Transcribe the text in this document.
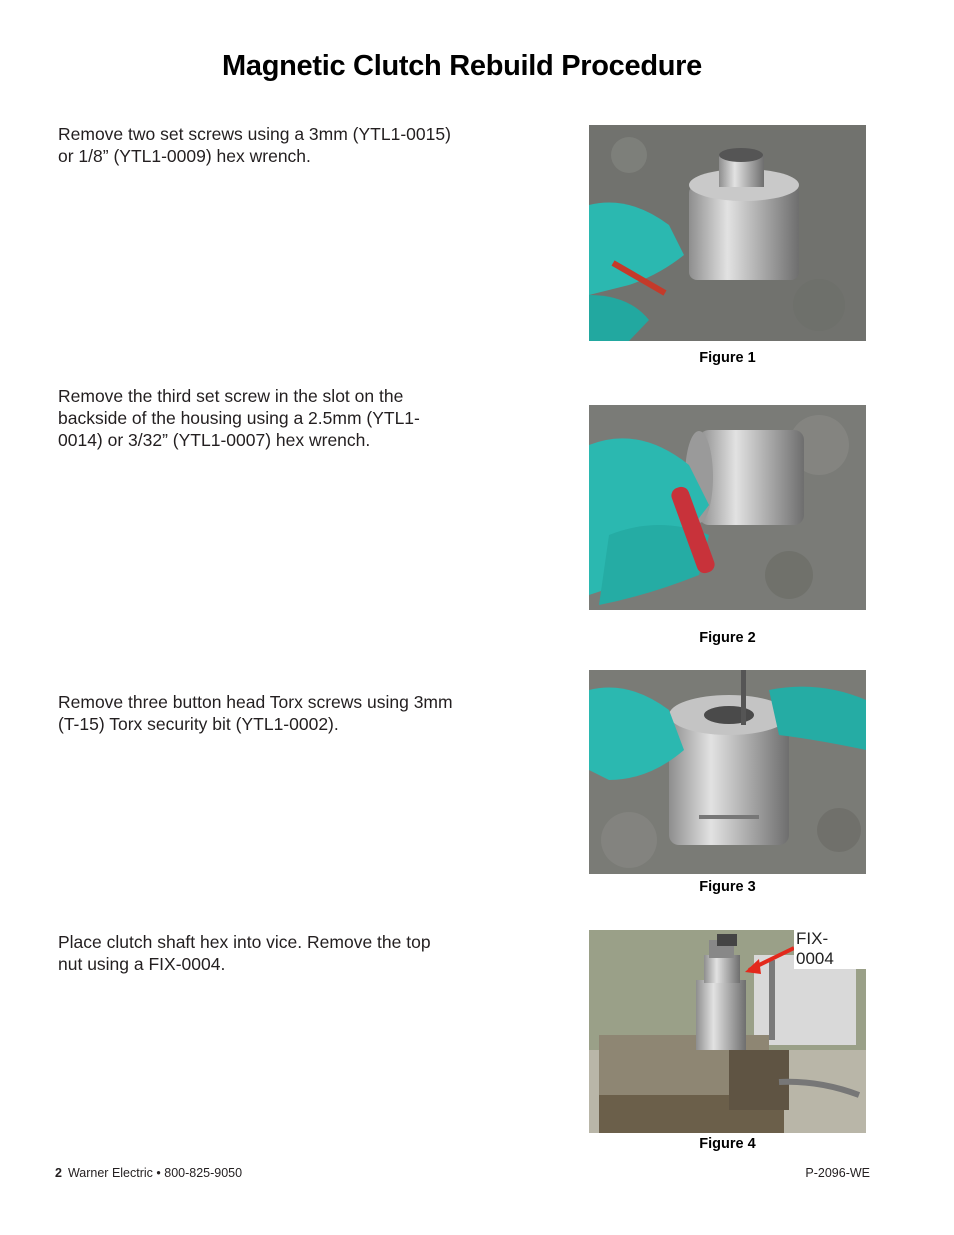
Magnetic Clutch Rebuild Procedure
Remove two set screws using a 3mm (YTL1-0015) or 1/8” (YTL1-0009) hex wrench.
Figure 1
Remove the third set screw in the slot on the backside of the housing using a 2.5mm (YTL1-0014) or 3/32” (YTL1-0007) hex wrench.
Figure 2
Remove three button head Torx screws using 3mm (T-15) Torx security bit (YTL1-0002).
Figure 3
Place clutch shaft hex into vice. Remove the top nut using a FIX-0004.
FIX-0004
Figure 4
2 Warner Electric • 800-825-9050	P-2096-WE
